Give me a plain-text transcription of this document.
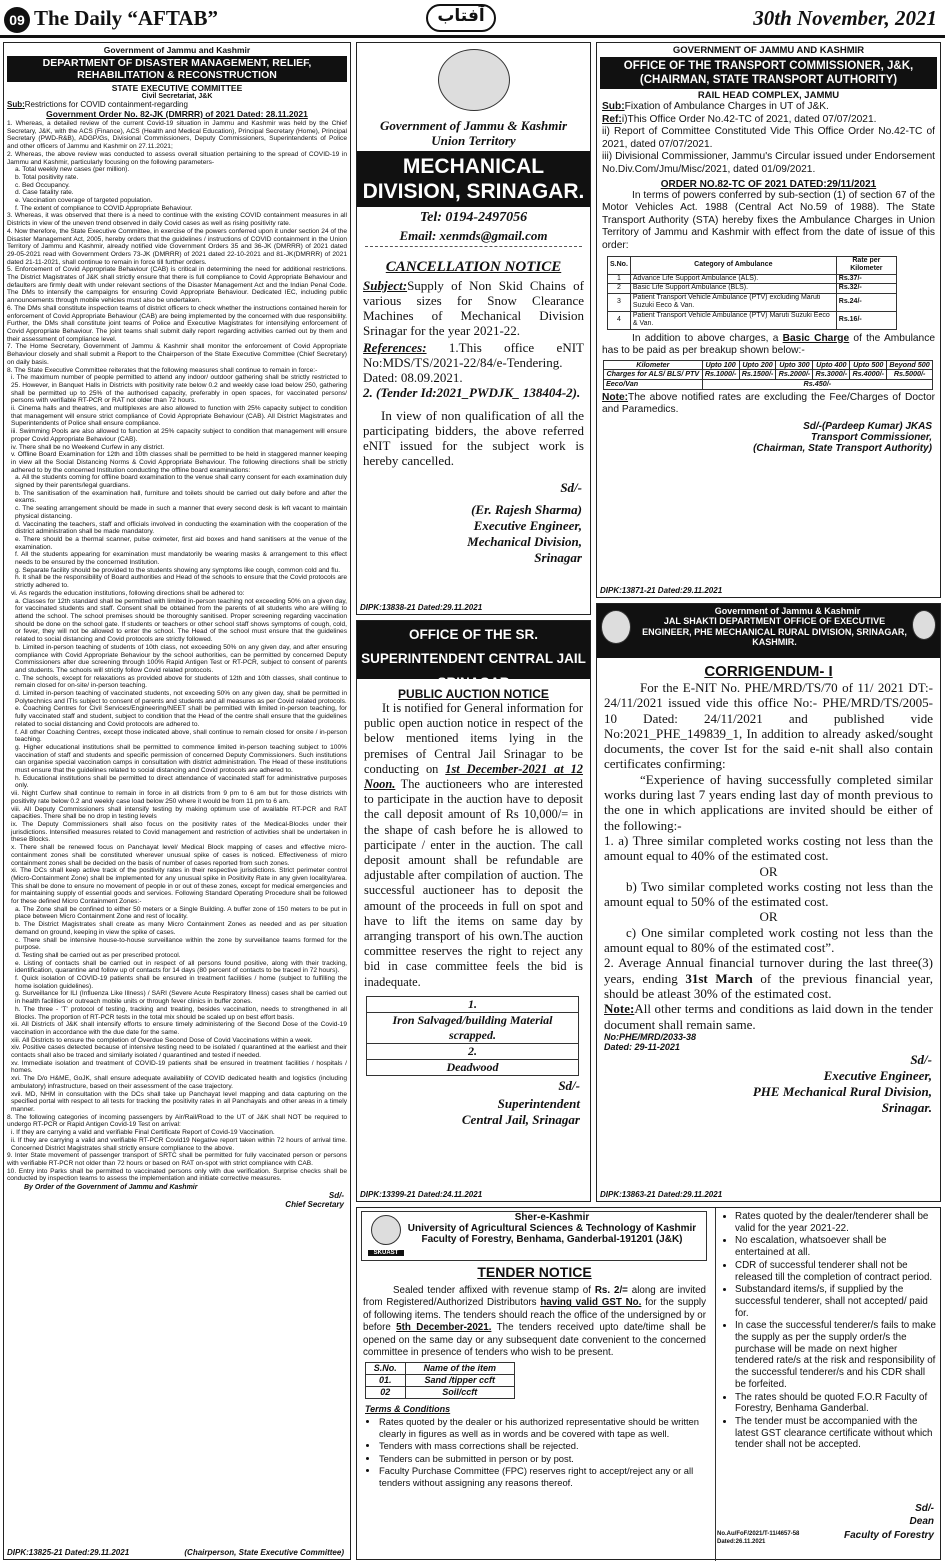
09 The Daily “AFTAB”	آفتاب	30th November, 2021
Government of Jammu and Kashmir
DEPARTMENT OF DISASTER MANAGEMENT, RELIEF, REHABILITATION & RECONSTRUCTION
STATE EXECUTIVE COMMITTEE
Civil Secretariat, J&K
Sub:Restrictions for COVID containment-regarding
Government Order No. 82-JK (DMRRR) of 2021 Dated: 28.11.2021

1. Whereas, a detailed review of the current Covid-19 situation in Jammu and Kashmir was held by the Chief Secretary, J&K, with the ACS (Finance), ACS (Health and Medical Education), Principal Secretary (Home), Principal Secretary (PWD-R&B), ADGP/Gs, Divisional Commissioners, Deputy Commissioners, Superintendents of Police and other officers of Jammu and Kashmir on 27.11.2021;

2. Whereas, the above review was conducted to assess overall situation pertaining to the spread of COVID-19 in Jammu and Kashmir, particularly focusing on the following parameters-

a. Total weekly new cases (per million).

b. Total positivity rate.

c. Bed Occupancy.

d. Case fatality rate.

e. Vaccination coverage of targeted population.

f. The extent of compliance to COVID Appropriate Behaviour.

3. Whereas, it was observed that there is a need to continue with the existing COVID containment measures in all Districts in view of the uneven trend observed in daily Covid cases as well as rising positivity rate.

4. Now therefore, the State Executive Committee, in exercise of the powers conferred upon it under section 24 of the Disaster Management Act, 2005, hereby orders that the guidelines / instructions of COVID containment in the Union Territory of Jammu and Kashmir, already notified vide Government Orders 35 and 36-JK (DMRRR) of 2021 dated 29-05-2021 read with Government Orders 73-JK (DMRRR) of 2021 dated 22-10-2021 and 81-JK(DMRRR) of 2021 dated 21-11-2021, shall continue to remain in force till further orders.

5. Enforcement of Covid Appropriate Behaviour (CAB) is critical in determining the need for additional restrictions. The District Magistrates of J&K shall strictly ensure that there is full compliance to Covid Appropriate Behaviour and defaulters are firmly dealt with under relevant sections of the Disaster Management Act and the Indian Penal Code. The DMs to intensify the campaigns for ensuring Covid Appropriate Behaviour. Dedicated IEC, including public announcements through mobile vehicles must also be undertaken.

6. The DMs shall constitute inspection teams of district officers to check whether the instructions contained herein for enforcement of Covid Appropriate Behaviour (CAB) are being implemented by the concerned with due responsibility. Further, the DMs shall constitute joint teams of Police and Executive Magistrates for intensifying enforcement of Covid Appropriate Behaviour. The joint teams shall submit daily report regarding activities carried out by them and their assessment of compliance level.

7. The Home Secretary, Government of Jammu & Kashmir shall monitor the enforcement of Covid Appropriate Behaviour closely and shall submit a Report to the Chairperson of the State Executive Committee (Chief Secretary) on daily basis.

8. The State Executive Committee reiterates that the following measures shall continue to remain in force:-

i. The maximum number of people permitted to attend any indoor/ outdoor gathering shall be strictly restricted to 25. However, in Banquet Halls in Districts with positivity rate below 0.2 and weekly case load below 250, gathering shall be permitted up to 25% of the authorised capacity, preferably in open spaces, for vaccinated persons/ persons with verifiable RT-PCR or RAT not older than 72 hours.

ii. Cinema halls and theatres, and multiplexes are also allowed to function with 25% capacity subject to condition that management will ensure strict compliance of Covid Appropriate Behaviour (CAB). All District Magistrates and Superintendents of Police shall ensure compliance.

iii. Swimming Pools are also allowed to function at 25% capacity subject to condition that management will ensure proper Covid Appropriate Behaviour (CAB).

iv. There shall be no Weekend Curfew in any district.

v. Offline Board Examination for 12th and 10th classes shall be permitted to be held in staggered manner keeping in view all the Social Distancing Norms & Covid Appropriate Behaviour. The following directions shall be strictly adhered to by the concerned Institution conducting the offline board examinations:

a. All the students coming for offline board examination to the venue shall carry consent for each examination duly signed by their parents/legal guardians.

b. The sanitisation of the examination hall, furniture and toilets should be carried out daily before and after the exams.

c. The seating arrangement should be made in such a manner that every second desk is left vacant to maintain physical distancing.

d. Vaccinating the teachers, staff and officials involved in conducting the examination with the cooperation of the district administration shall be made mandatory.

e. There should be a thermal scanner, pulse oximeter, first aid boxes and hand sanitisers at the venue of the examination.

f. All the students appearing for examination must mandatorily be wearing masks & arrangement to this effect needs to be ensured by the concerned Institution.

g. Separate facility should be provided to the students showing any symptoms like cough, common cold and flu.

h. It shall be the responsibility of Board authorities and Head of the schools to ensure that the Covid protocols are strictly adhered to.

vi. As regards the education institutions, following directions shall be adhered to:

a. Classes for 12th standard shall be permitted with limited in-person teaching not exceeding 50% on a given day, for vaccinated students and staff. Consent shall be obtained from the parents of all students who are willing to attend the school. The school premises should be thoroughly sanitised. Proper screening regarding vaccination should be done on the school gate. If students or teachers or other school staff shows symptoms of cough, cold, or fever, they will not be allowed to enter the school. The Head of the school must ensure that the guidelines related to social distancing and Covid protocols are strictly followed.

b. Limited in-person teaching of students of 10th class, not exceeding 50% on any given day, and after ensuring compliance with Covid Appropriate Behaviour by the school authorities, can be permitted by concerned Deputy Commissioners after due screening through 100% Rapid Antigen Test or RT-PCR, subject to consent of parents and students. The schools will strictly follow Covid related protocols.

c. The schools, except for relaxations as provided above for students of 12th and 10th classes, shall continue to remain closed for on-site/ in-person teaching.

d. Limited in-person teaching of vaccinated students, not exceeding 50% on any given day, shall be permitted in Polytechnics and ITIs subject to consent of parents and students and all measures as per Covid related protocols.

e. Coaching Centres for Civil Services/Engineering/NEET shall be permitted with limited in-person teaching, for fully vaccinated staff and student, subject to condition that the Head of the centre shall ensure that the guidelines related to social distancing and Covid protocols are adhered to.

f. All other Coaching Centres, except those indicated above, shall continue to remain closed for onsite / in-person teaching.

g. Higher educational institutions shall be permitted to commence limited in-person teaching subject to 100% vaccination of staff and students and specific permission of concerned Deputy Commissioners. Such institutions can organise special vaccination camps in consultation with district administration. The Head of these institutions must ensure that the guidelines related to social distancing and Covid protocols are adhered to.

h. Educational institutions shall be permitted to direct attendance of vaccinated staff for administrative purposes only.

vii. Night Curfew shall continue to remain in force in all districts from 9 pm to 6 am but for those districts with positivity rate below 0.2 and weekly case load below 250 where it would be from 11 pm to 6 am.

viii. All Deputy Commissioners shall intensify testing by making optimum use of available RT-PCR and RAT capacities. There shall be no drop in testing levels

ix. The Deputy Commissioners shall also focus on the positivity rates of the Medical-Blocks under their jurisdictions. Intensified measures related to Covid management and restriction of activities shall be undertaken in these Blocks.

x. There shall be renewed focus on Panchayat level/ Medical Block mapping of cases and effective micro-containment zones shall be constituted wherever unusual spike of cases is noticed. Effectiveness of micro containment zones shall be decided on the basis of number of cases reported from such zones.

xi. The DCs shall keep active track of the positivity rates in their respective jurisdictions. Strict perimeter control (Micro-Containment Zone) shall be implemented for any unusual spike in Positivity Rate in any given locality/area. This shall be done to ensure no movement of people in or out of these zones, except for medical emergencies and for maintaining supply of essential goods and services. Following Standard Operating Procedure shall be followed for these defined Micro Containment Zones:-

a. The Zone shall be confined to either 50 meters or a Single Building. A buffer zone of 150 meters to be put in place between Micro Containment Zone and rest of locality.

b. The District Magistrates shall create as many Micro Containment Zones as needed and as per situation demand on ground, keeping in view the spike of cases.

c. There shall be intensive house-to-house surveillance within the zone by surveillance teams formed for the purpose.

d. Testing shall be carried out as per prescribed protocol.

e. Listing of contacts shall be carried out in respect of all persons found positive, along with their tracking, identification, quarantine and follow up of contacts for 14 days (80 percent of contacts to be traced in 72 hours).

f. Quick isolation of COVID-19 patients shall be ensured in treatment facilities / home (subject to fulfilling the home isolation guidelines).

g. Surveillance for ILI (Influenza Like Illness) / SARI (Severe Acute Respiratory Illness) cases shall be carried out in health facilities or outreach mobile units or through fever clinics in buffer zones.

h. The three - 'T' protocol of testing, tracking and treating, besides vaccination, needs to strengthened in all Blocks. The proportion of RT-PCR tests in the total mix should be scaled up on best effort basis.

xii. All Districts of J&K shall intensify efforts to ensure timely administering of the Second Dose of the Covid-19 vaccination in accordance with the due date for the same.

xiii. All Districts to ensure the completion of Overdue Second Dose of Covid Vaccinations within a week.

xiv. Positive cases detected because of intensive testing need to be isolated / quarantined at the earliest and their contacts shall also be traced and similarly isolated / quarantined and tested if needed.

xv. Immediate isolation and treatment of COVID-19 patients shall be ensured in treatment facilities / hospitals / homes.

xvi. The D/o H&ME, GoJK, shall ensure adequate availability of COVID dedicated health and logistics (including ambulatory) infrastructure, based on their assessment of the case trajectory.

xvii. MD, NHM in consultation with the DCs shall take up Panchayat level mapping and data capturing on the specified portal with respect to all tests for tracking the positivity rates in all Panchayats and other areas in a timely manner.

8. The following categories of incoming passengers by Air/Rail/Road to the UT of J&K shall NOT be required to undergo RT-PCR or Rapid Antigen Covid-19 Test on arrival:

i. If they are carrying a valid and verifiable Final Certificate Report of Covid-19 Vaccination.

ii. If they are carrying a valid and verifiable RT-PCR Covid19 Negative report taken within 72 hours of arrival time. Concerned District Magistrates shall strictly ensure compliance to the above.

9. Inter State movement of passenger transport of SRTC shall be permitted for fully vaccinated person or persons with verifiable RT-PCR not older than 72 hours or based on RAT on-spot with strict compliance with CAB.

10. Entry into Parks shall be permitted to vaccinated persons only with due verification. Surprise checks shall be conducted by inspection teams to assess the implementation and initiate corrective measures.

By Order of the Government of Jammu and Kashmir
Sd/-
Chief Secretary
DIPK:13825-21 Dated:29.11.2021	(Chairperson, State Executive Committee)
Government of Jammu & Kashmir Union Territory
MECHANICAL DIVISION, SRINAGAR.
Tel: 0194-2497056
Email: xenmds@gmail.com
CANCELLATION NOTICE
Subject:Supply of Non Skid Chains of various sizes for Snow Clearance Machines of Mechanical Division Srinagar for the year 2021-22.
References: 1.This office eNIT No:MDS/TS/2021-22/84/e-Tendering. Dated: 08.09.2021.
2. (Tender Id:2021_PWDJK_ 138404-2).
In view of non qualification of all the participating bidders, the above referred eNIT issued for the subject work is hereby cancelled.
Sd/-
(Er. Rajesh Sharma)
Executive Engineer,
Mechanical Division,
Srinagar
DIPK:13838-21 Dated:29.11.2021
OFFICE OF THE SR. SUPERINTENDENT CENTRAL JAIL SRINAGAR
PUBLIC AUCTION NOTICE
It is notified for General information for public open auction notice in respect of the below mentioned items lying in the premises of Central Jail Srinagar to be conducting on 1st December-2021 at 12 Noon. The auctioneers who are interested to participate in the auction have to deposit the call deposit amount of Rs 10,000/= in the shape of cash before he is allowed to participate / enter in the auction. The call deposit amount shall be refundable are adjustable after compilation of auction. The successful auctioneer has to deposit the amount of the proceeds in full on spot and have to lift the items on same day by arranging transport of his own.The auction committee reserves the right to reject any bid in case committee feels the bid is inadequate.
1.
Iron Salvaged/building Material scrapped.
2.
Deadwood
Sd/-
Superintendent
Central Jail, Srinagar
DIPK:13399-21 Dated:24.11.2021
GOVERNMENT OF JAMMU AND KASHMIR
OFFICE OF THE TRANSPORT COMMISSIONER, J&K, (CHAIRMAN, STATE TRANSPORT AUTHORITY)
RAIL HEAD COMPLEX, JAMMU
Sub:Fixation of Ambulance Charges in UT of J&K.
Ref:i)This Office Order No.42-TC of 2021, dated 07/07/2021.
ii) Report of Committee Constituted Vide This Office Order No.42-TC of 2021, dated 07/07/2021.
iii) Divisional Commissioner, Jammu's Circular issued under Endorsement No.Div.Com/Jmu/Misc/2021, dated 01/09/2021.
ORDER NO.82-TC OF 2021 DATED:29/11/2021
In terms of powers conferred by sub-section (1) of section 67 of the Motor Vehicles Act. 1988 (Central Act No.59 of 1988). The State Transport Authority (STA) hereby fixes the Ambulance Charges in Union Territory of Jammu and Kashmir with effect from the date of issue of this order:
S.No.	Category of Ambulance	Rate per Kilometer
1	Advance Life Support Ambulance (ALS).	Rs.37/-
2	Basic Life Support Ambulance (BLS).	Rs.32/-
3	Patient Transport Vehicle Ambulance (PTV) excluding Maruti Suzuki Eeco & Van.	Rs.24/-
4	Patient Transport Vehicle Ambulance (PTV) Maruti Suzuki Eeco & Van.	Rs.16/-
In addition to above charges, a Basic Charge of the Ambulance has to be paid as per breakup shown below:-
Kilometer	Upto 100	Upto 200	Upto 300	Upto 400	Upto 500	Beyond 500
Charges for ALS/ BLS/ PTV	Rs.1000/-	Rs.1500/-	Rs.2000/-	Rs.3000/-	Rs.4000/-	Rs.5000/-
Eeco/Van	Rs.450/-					
Note:The above notified rates are excluding the Fee/Charges of Doctor and Paramedics.
Sd/-(Pardeep Kumar) JKAS
Transport Commissioner,
(Chairman, State Transport Authority)
DIPK:13871-21 Dated:29.11.2021
Government of Jammu & Kashmir
JAL SHAKTI DEPARTMENT OFFICE OF EXECUTIVE ENGINEER, PHE MECHANICAL RURAL DIVISION, SRINAGAR, KASHMIR.
CORRIGENDUM- I
For the E-NIT No. PHE/MRD/TS/70 of 11/ 2021 DT:- 24/11/2021 issued vide this office No:- PHE/MRD/TS/2005-10 Dated: 24/11/2021 and published vide No:2021_PHE_149839_1, In addition to already asked/sought documents, the cover Ist for the said e-nit shall also contain certificates confirming:
“Experience of having successfully completed similar works during last 7 years ending last day of month previous to the one in which applications are invited should be either of the following:-
1. a) Three similar completed works costing not less than the amount equal to 40% of the estimated cost.
OR
b) Two similar completed works costing not less than the amount equal to 50% of the estimated cost.
OR
c) One similar completed work costing not less than the amount equal to 80% of the estimated cost”.
2. Average Annual financial turnover during the last three(3) years, ending 31st March of the previous financial year, should be atleast 30% of the estimated cost.
Note:All other terms and conditions as laid down in the tender document shall remain same.
No:PHE/MRD/2033-38
Dated: 29-11-2021
Sd/-
Executive Engineer,
PHE Mechanical Rural Division,
Srinagar.
DIPK:13863-21 Dated:29.11.2021
SKUAST
Sher-e-Kashmir
University of Agricultural Sciences & Technology of Kashmir
Faculty of Forestry, Benhama, Ganderbal-191201 (J&K)
TENDER NOTICE
Sealed tender affixed with revenue stamp of Rs. 2/= along are invited from Registered/Authorized Distributors having valid GST No. for the supply of following items. The tenders should reach the office of the undersigned by or before 5th December-2021. The tenders received upto date/time shall be opened on the same day or any subsequent date convenient to the concerned committee in presence of tenders who wish to be present.
S.No.	Name of the item
01.	Sand /tipper ccft
02	Soil/ccft
Terms & Conditions
• Rates quoted by the dealer or his authorized representative should be written clearly in figures as well as in words and be covered with tape as well.
• Tenders with mass corrections shall be rejected.
• Tenders can be submitted in person or by post.
• Faculty Purchase Committee (FPC) reserves right to accept/reject any or all tenders without assigning any reasons thereof.
• Rates quoted by the dealer/tenderer shall be valid for the year 2021-22.
• No escalation, whatsoever shall be entertained at all.
• CDR of successful tenderer shall not be released till the completion of contract period.
• Substandard items/s, if supplied by the successful tenderer, shall not accepted/ paid for.
• In case the successful tenderer/s fails to make the supply as per the supply order/s the purchase will be made on next higher tendered rate/s at the risk and responsibility of the successful tenderer/s and his CDR shall be forfeited.
• The rates should be quoted F.O.R Faculty of Forestry, Benhama Ganderbal.
• The tender must be accompanied with the latest GST clearance certificate without which tender shall not be accepted.
No.Au/FoF/2021/T-11/4657-58
Dated:26.11.2021
Sd/-
Dean
Faculty of Forestry
